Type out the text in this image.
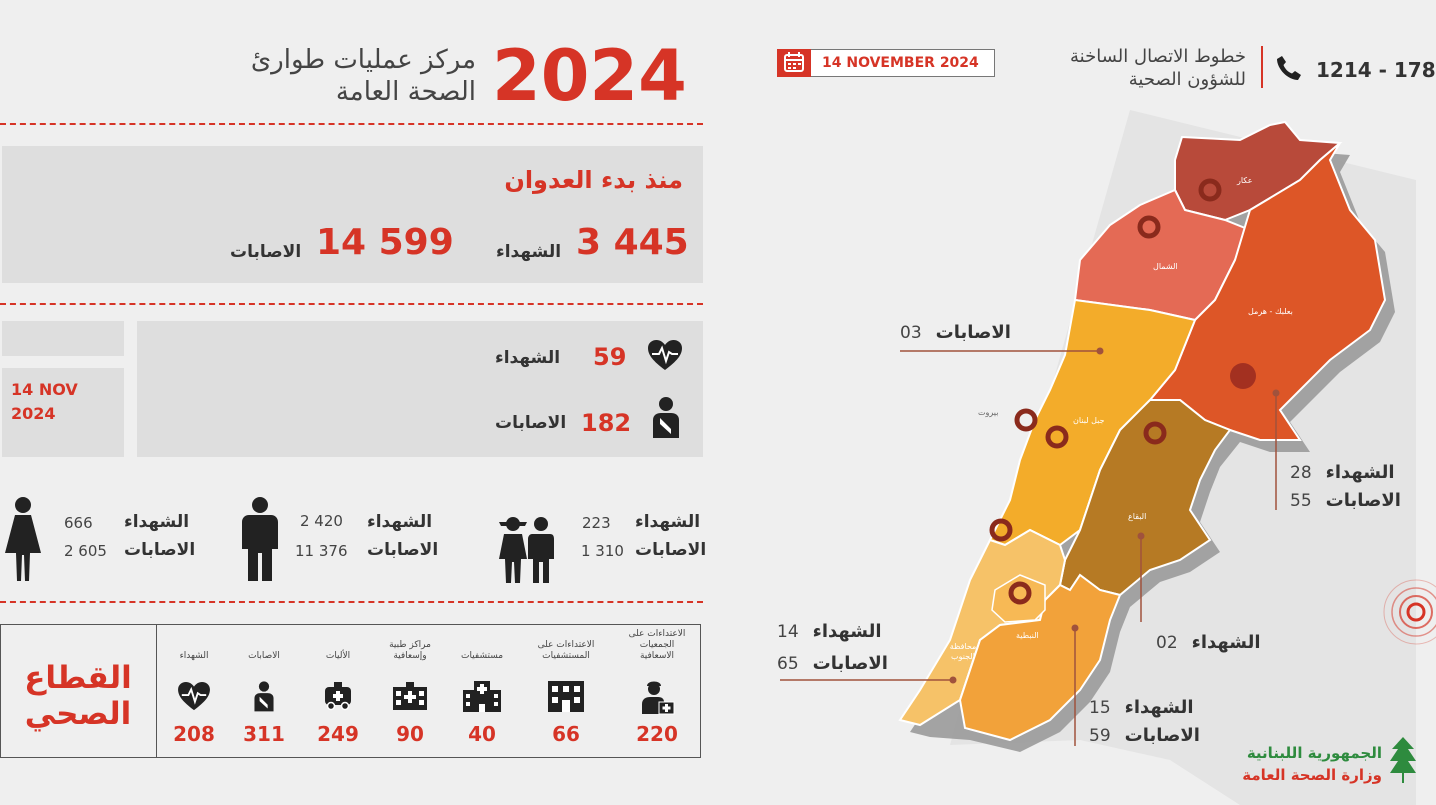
2024
مركز عمليات طوارئ
الصحة العامة
منذ بدء العدوان
3 445
الشهداء
14 599
الاصابات
14 NOV
2024
59
الشهداء
182
الاصابات
666 الشهداء
2 605 الاصابات
2 420 الشهداء
11 376 الاصابات
223 الشهداء
1 310 الاصابات
القطاع
الصحي
الشهداء
208
الاصابات
311
الأليات
249
مراكز طبية وإسعافية
90
مستشفيات
40
الاعتداءات على المستشفيات
66
الاعتداءات على الجمعيات الاسعافية
220
14 NOVEMBER 2024	خطوط الاتصال الساخنة
للشؤون الصحية	1214 - 178
عكار
الشمال
بعلبك - هرمل
جبل لبنان
بيروت
البقاع
محافظة الجنوب
النبطية
الاصابات03
الشهداء28
الاصابات55
الشهداء14
الاصابات65
الشهداء02
الشهداء15
الاصابات59
الجمهورية اللبنانية
وزارة الصحة العامة
